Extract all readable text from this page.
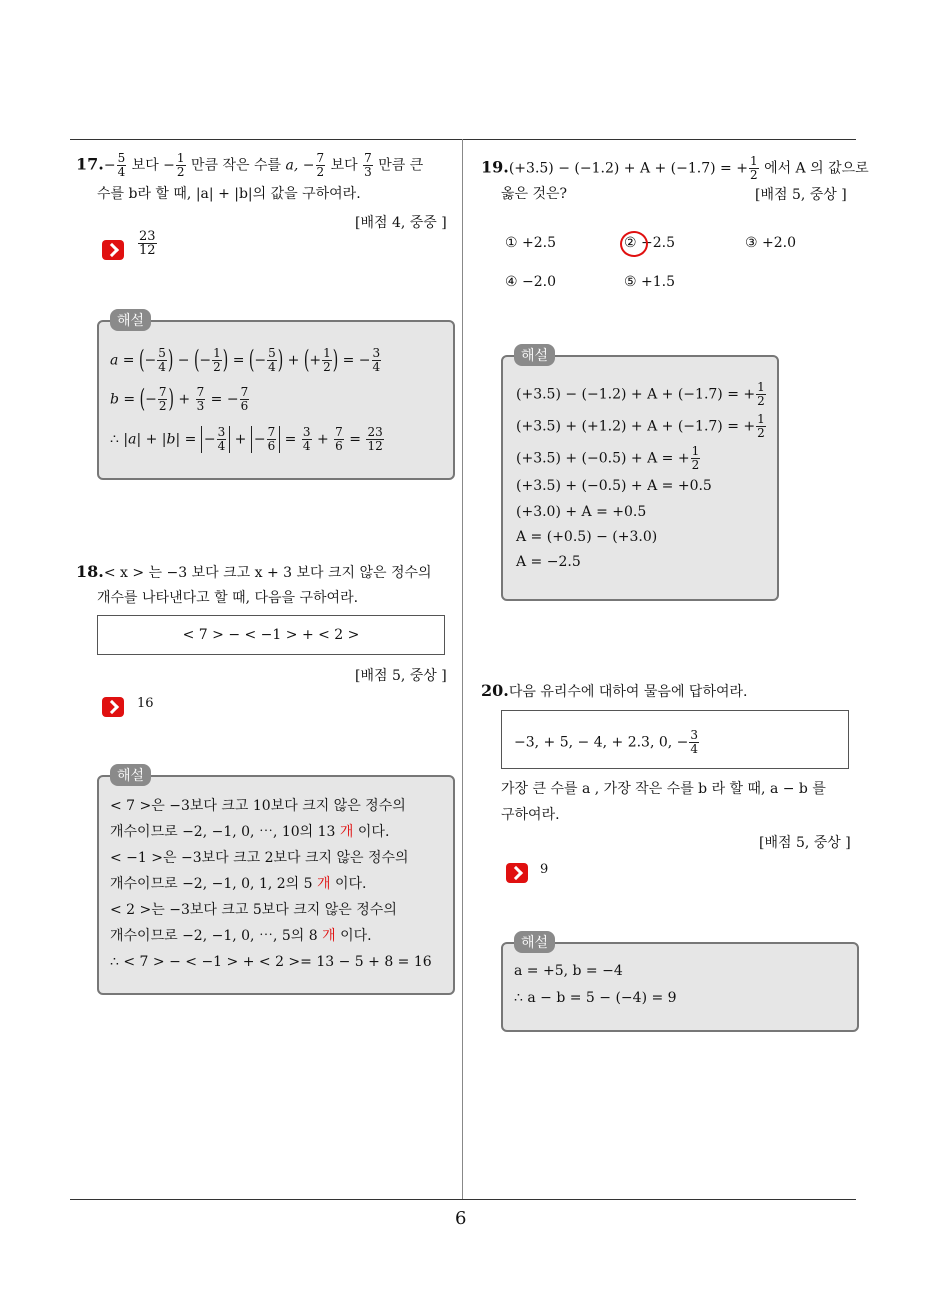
6
$17.- \frac{5}{4}$ 보다 − $\frac{1}{2}$ 만큼 작은 수를 a, − $\frac{7}{2}$ 보다 $\frac{7}{3}$ 만큼 큰
수를 b라 할 때, |a| + |b|의 값을 구하여라.
[배점 4, 중중 ]
$\frac{23}{12}$
해설
a = (− $\frac{5}{4}$ ) − (− $\frac{1}{2}$ ) = (− $\frac{5}{4}$ ) + (+ $\frac{1}{2}$ ) = − $\frac{3}{4}$
b = (− $\frac{7}{2}$ ) + $\frac{7}{3}$ = − $\frac{7}{6}$
∴ |a| + |b| = − $\frac{3}{4}$ + − $\frac{7}{6} = \frac{3}{4} + \frac{7}{6} = \frac{23}{12}$
18.< x > 는 −3 보다 크고 x + 3 보다 크지 않은 정수의
개수를 나타낸다고 할 때, 다음을 구하여라.
< 7 > − < −1 > + < 2 >
[배점 5, 중상 ]
16
해설
< 7 >은 −3보다 크고 10보다 크지 않은 정수의
개수이므로 −2, −1, 0, ⋯, 10의 13 개 이다.
< −1 >은 −3보다 크고 2보다 크지 않은 정수의
개수이므로 −2, −1, 0, 1, 2의 5 개 이다.
< 2 >는 −3보다 크고 5보다 크지 않은 정수의
개수이므로 −2, −1, 0, ⋯, 5의 8 개 이다.
∴ < 7 > − < −1 > + < 2 >= 13 − 5 + 8 = 16
19.(+3.5) − (−1.2) + A + (−1.7) = + $\frac{1}{2}$ 에서 A 의 값으로
옳은 것은?	[배점 5, 중상 ]
① +2.5	② −2.5	③ +2.0
④ −2.0	⑤ +1.5
해설
(+3.5) − (−1.2) + A + (−1.7) = + $\frac{1}{2}$
(+3.5) + (+1.2) + A + (−1.7) = + $\frac{1}{2}$
(+3.5) + (−0.5) + A = + $\frac{1}{2}$
(+3.5) + (−0.5) + A = +0.5
(+3.0) + A = +0.5
A = (+0.5) − (+3.0)
A = −2.5
20.다음 유리수에 대하여 물음에 답하여라.
−3, + 5, − 4, + 2.3, 0, − $\frac{3}{4}$
가장 큰 수를 a , 가장 작은 수를 b 라 할 때, a − b 를
구하여라.
[배점 5, 중상 ]
9
해설
a = +5, b = −4
∴ a − b = 5 − (−4) = 9
